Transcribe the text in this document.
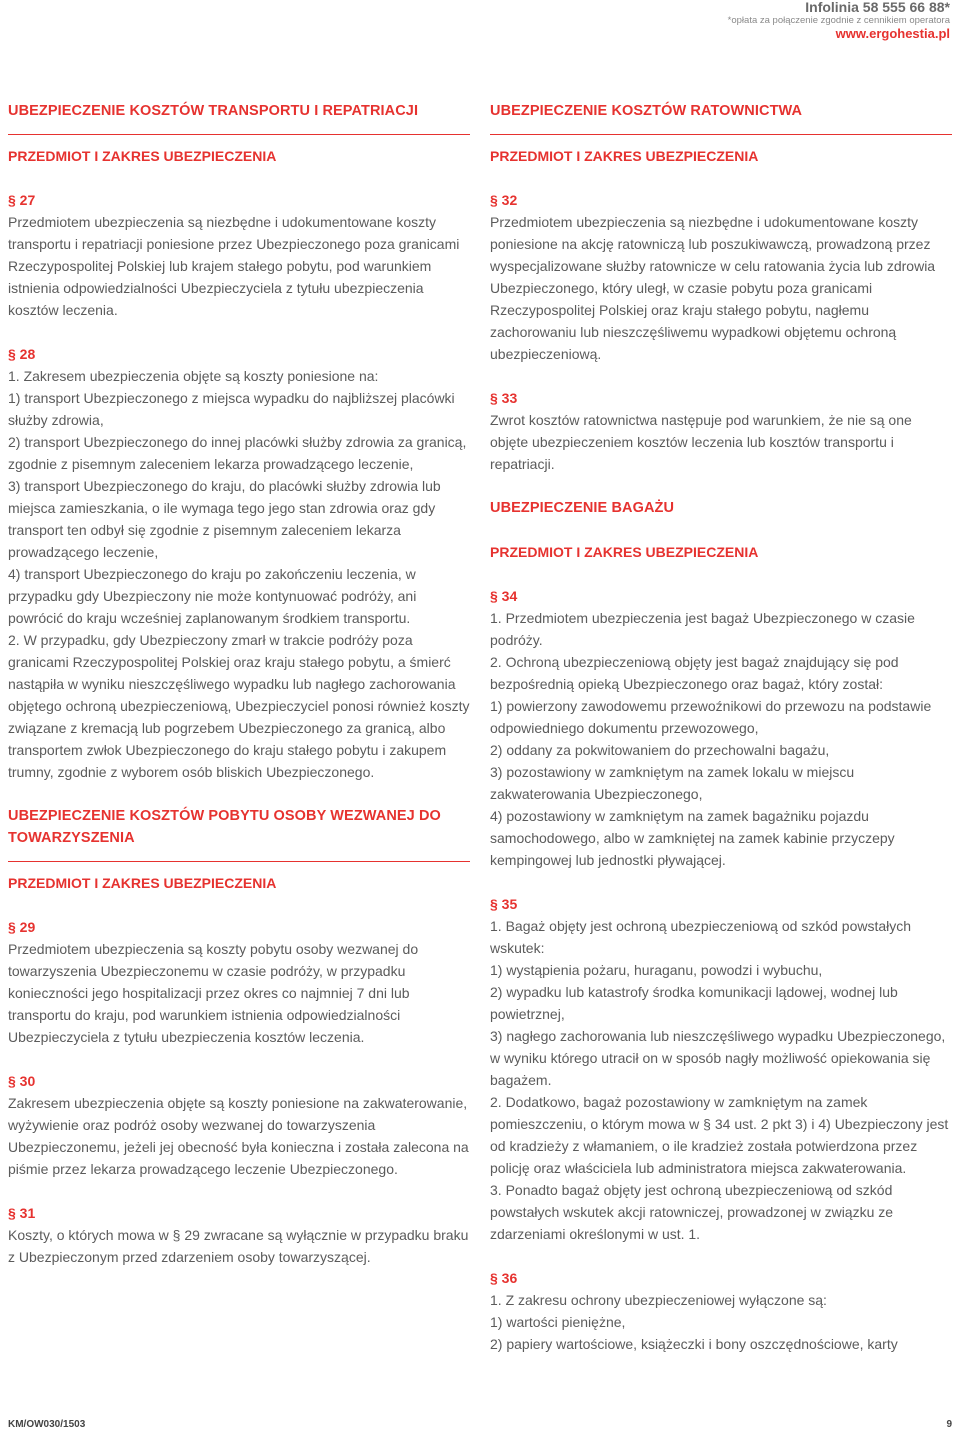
Infolinia 58 555 66 88*
*opłata za połączenie zgodnie z cennikiem operatora
www.ergohestia.pl
UBEZPIECZENIE KOSZTÓW TRANSPORTU I REPATRIACJI
PRZEDMIOT I ZAKRES UBEZPIECZENIA
§ 27
Przedmiotem ubezpieczenia są niezbędne i udokumentowane koszty transportu i repatriacji poniesione przez Ubezpieczonego poza granicami Rzeczypospolitej Polskiej lub krajem stałego pobytu, pod warunkiem istnienia odpowiedzialności Ubezpieczyciela z tytułu ubezpieczenia kosztów leczenia.
§ 28

1. Zakresem ubezpieczenia objęte są koszty poniesione na:

1) transport Ubezpieczonego z miejsca wypadku do najbliższej placówki służby zdrowia,

2) transport Ubezpieczonego do innej placówki służby zdrowia za granicą, zgodnie z pisemnym zaleceniem lekarza prowadzącego leczenie,

3) transport Ubezpieczonego do kraju, do placówki służby zdrowia lub miejsca zamieszkania, o ile wymaga tego jego stan zdrowia oraz gdy transport ten odbył się zgodnie z pisemnym zaleceniem lekarza prowadzącego leczenie,

4) transport Ubezpieczonego do kraju po zakończeniu leczenia, w przypadku gdy Ubezpieczony nie może kontynuować podróży, ani powrócić do kraju wcześniej zaplanowanym środkiem transportu.

2. W przypadku, gdy Ubezpieczony zmarł w trakcie podróży poza granicami Rzeczypospolitej Polskiej oraz kraju stałego pobytu, a śmierć nastąpiła w wyniku nieszczęśliwego wypadku lub nagłego zachorowania objętego ochroną ubezpieczeniową, Ubezpieczyciel ponosi również koszty związane z kremacją lub pogrzebem Ubezpieczonego za granicą, albo transportem zwłok Ubezpieczonego do kraju stałego pobytu i zakupem trumny, zgodnie z wyborem osób bliskich Ubezpieczonego.

UBEZPIECZENIE KOSZTÓW POBYTU OSOBY WEZWANEJ DO TOWARZYSZENIA
PRZEDMIOT I ZAKRES UBEZPIECZENIA
§ 29
Przedmiotem ubezpieczenia są koszty pobytu osoby wezwanej do towarzyszenia Ubezpieczonemu w czasie podróży, w przypadku konieczności jego hospitalizacji przez okres co najmniej 7 dni lub transportu do kraju, pod warunkiem istnienia odpowiedzialności Ubezpieczyciela z tytułu ubezpieczenia kosztów leczenia.
§ 30
Zakresem ubezpieczenia objęte są koszty poniesione na zakwaterowanie, wyżywienie oraz podróż osoby wezwanej do towarzyszenia Ubezpieczonemu, jeżeli jej obecność była konieczna i została zalecona na piśmie przez lekarza prowadzącego leczenie Ubezpieczonego.
§ 31
Koszty, o których mowa w § 29 zwracane są wyłącznie w przypadku braku z Ubezpieczonym przed zdarzeniem osoby towarzyszącej.
UBEZPIECZENIE KOSZTÓW RATOWNICTWA
PRZEDMIOT I ZAKRES UBEZPIECZENIA
§ 32
Przedmiotem ubezpieczenia są niezbędne i udokumentowane koszty poniesione na akcję ratowniczą lub poszukiwawczą, prowadzoną przez wyspecjalizowane służby ratownicze w celu ratowania życia lub zdrowia Ubezpieczonego, który uległ, w czasie pobytu poza granicami Rzeczypospolitej Polskiej oraz kraju stałego pobytu, nagłemu zachorowaniu lub nieszczęśliwemu wypadkowi objętemu ochroną ubezpieczeniową.
§ 33
Zwrot kosztów ratownictwa następuje pod warunkiem, że nie są one objęte ubezpieczeniem kosztów leczenia lub kosztów transportu i repatriacji.
UBEZPIECZENIE BAGAŻU
PRZEDMIOT I ZAKRES UBEZPIECZENIA
§ 34

1. Przedmiotem ubezpieczenia jest bagaż Ubezpieczonego w czasie podróży.

2. Ochroną ubezpieczeniową objęty jest bagaż znajdujący się pod bezpośrednią opieką Ubezpieczonego oraz bagaż, który został:

1) powierzony zawodowemu przewoźnikowi do przewozu na podstawie odpowiedniego dokumentu przewozowego,

2) oddany za pokwitowaniem do przechowalni bagażu,

3) pozostawiony w zamkniętym na zamek lokalu w miejscu zakwaterowania Ubezpieczonego,

4) pozostawiony w zamkniętym na zamek bagażniku pojazdu samochodowego, albo w zamkniętej na zamek kabinie przyczepy kempingowej lub jednostki pływającej.

§ 35

1. Bagaż objęty jest ochroną ubezpieczeniową od szkód powstałych wskutek:

1) wystąpienia pożaru, huraganu, powodzi i wybuchu,

2) wypadku lub katastrofy środka komunikacji lądowej, wodnej lub powietrznej,

3) nagłego zachorowania lub nieszczęśliwego wypadku Ubezpieczonego, w wyniku którego utracił on w sposób nagły możliwość opiekowania się bagażem.

2. Dodatkowo, bagaż pozostawiony w zamkniętym na zamek pomieszczeniu, o którym mowa w § 34 ust. 2 pkt 3) i 4) Ubezpieczony jest od kradzieży z włamaniem, o ile kradzież została potwierdzona przez policję oraz właściciela lub administratora miejsca zakwaterowania.

3. Ponadto bagaż objęty jest ochroną ubezpieczeniową od szkód powstałych wskutek akcji ratowniczej, prowadzonej w związku ze zdarzeniami określonymi w ust. 1.

§ 36

1. Z zakresu ochrony ubezpieczeniowej wyłączone są:

1) wartości pieniężne,

2) papiery wartościowe, książeczki i bony oszczędnościowe, karty

KM/OW030/1503	9
